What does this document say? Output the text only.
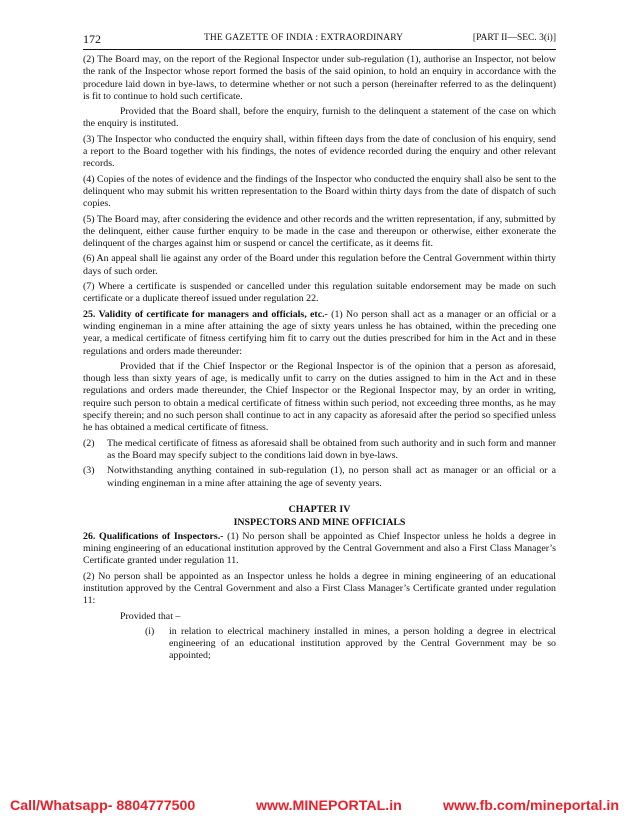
172	THE GAZETTE OF INDIA : EXTRAORDINARY	[PART II—SEC. 3(i)]

(2) The Board may, on the report of the Regional Inspector under sub-regulation (1), authorise an Inspector, not below the rank of the Inspector whose report formed the basis of the said opinion, to hold an enquiry in accordance with the procedure laid down in bye-laws, to determine whether or not such a person (hereinafter referred to as the delinquent) is fit to continue to hold such certificate.

Provided that the Board shall, before the enquiry, furnish to the delinquent a statement of the case on which the enquiry is instituted.

(3) The Inspector who conducted the enquiry shall, within fifteen days from the date of conclusion of his enquiry, send a report to the Board together with his findings, the notes of evidence recorded during the enquiry and other relevant records.

(4) Copies of the notes of evidence and the findings of the Inspector who conducted the enquiry shall also be sent to the delinquent who may submit his written representation to the Board within thirty days from the date of dispatch of such copies.

(5) The Board may, after considering the evidence and other records and the written representation, if any, submitted by the delinquent, either cause further enquiry to be made in the case and thereupon or otherwise, either exonerate the delinquent of the charges against him or suspend or cancel the certificate, as it deems fit.

(6) An appeal shall lie against any order of the Board under this regulation before the Central Government within thirty days of such order.

(7) Where a certificate is suspended or cancelled under this regulation suitable endorsement may be made on such certificate or a duplicate thereof issued under regulation 22.

25. Validity of certificate for managers and officials, etc.- (1) No person shall act as a manager or an official or a winding engineman in a mine after attaining the age of sixty years unless he has obtained, within the preceding one year, a medical certificate of fitness certifying him fit to carry out the duties prescribed for him in the Act and in these regulations and orders made thereunder:

Provided that if the Chief Inspector or the Regional Inspector is of the opinion that a person as aforesaid, though less than sixty years of age, is medically unfit to carry on the duties assigned to him in the Act and in these regulations and orders made thereunder, the Chief Inspector or the Regional Inspector may, by an order in writing, require such person to obtain a medical certificate of fitness within such period, not exceeding three months, as he may specify therein; and no such person shall continue to act in any capacity as aforesaid after the period so specified unless he has obtained a medical certificate of fitness.

(2)	The medical certificate of fitness as aforesaid shall be obtained from such authority and in such form and manner as the Board may specify subject to the conditions laid down in bye-laws.
(3)	Notwithstanding anything contained in sub-regulation (1), no person shall act as manager or an official or a winding engineman in a mine after attaining the age of seventy years.

CHAPTER IV

INSPECTORS AND MINE OFFICIALS

26. Qualifications of Inspectors.- (1) No person shall be appointed as Chief Inspector unless he holds a degree in mining engineering of an educational institution approved by the Central Government and also a First Class Manager’s Certificate granted under regulation 11.

(2) No person shall be appointed as an Inspector unless he holds a degree in mining engineering of an educational institution approved by the Central Government and also a First Class Manager’s Certificate granted under regulation 11:

Provided that –
(i)	in relation to electrical machinery installed in mines, a person holding a degree in electrical engineering of an educational institution approved by the Central Government may be so appointed;
Call/Whatsapp- 8804777500	www.MINEPORTAL.in	www.fb.com/mineportal.in
